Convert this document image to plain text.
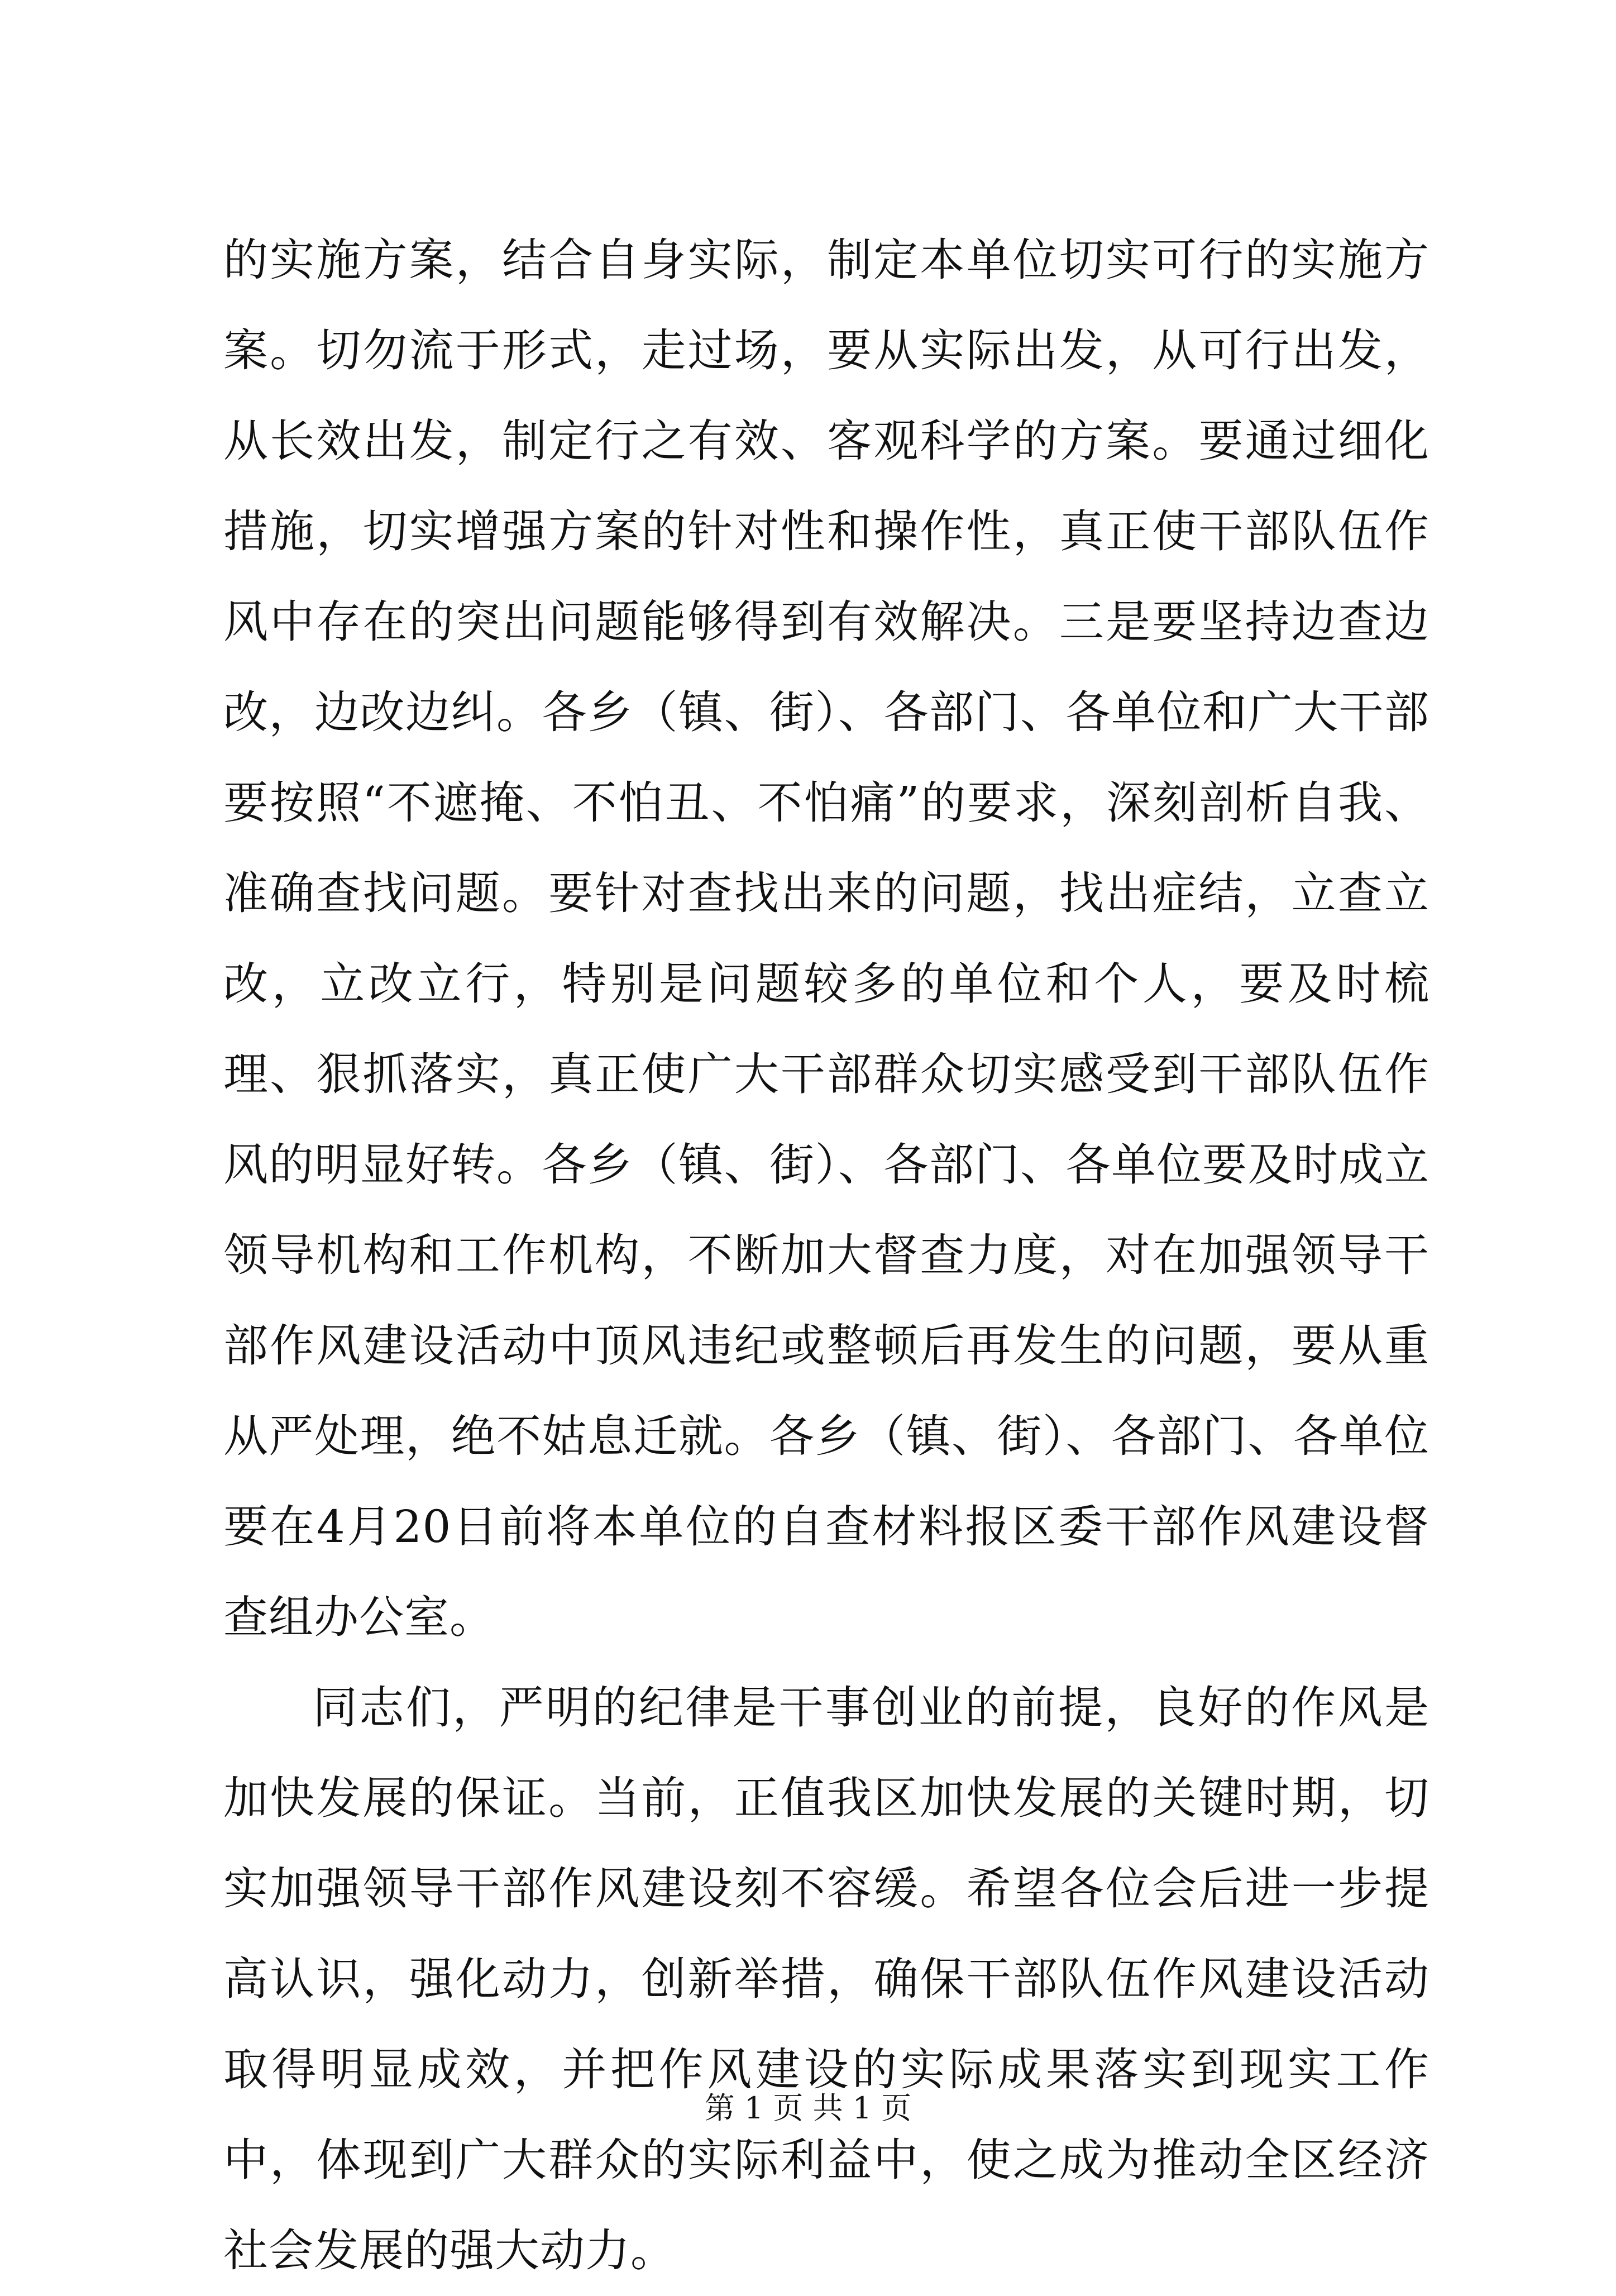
的实施方案，结合自身实际，制定本单位切实可行的实施方案。切勿流于形式，走过场，要从实际出发，从可行出发，从长效出发，制定行之有效、客观科学的方案。要通过细化措施，切实增强方案的针对性和操作性，真正使干部队伍作风中存在的突出问题能够得到有效解决。三是要坚持边查边改，边改边纠。各乡（镇、街）、各部门、各单位和广大干部要按照“不遮掩、不怕丑、不怕痛”的要求，深刻剖析自我、准确查找问题。要针对查找出来的问题，找出症结，立查立改，立改立行，特别是问题较多的单位和个人，要及时梳理、狠抓落实，真正使广大干部群众切实感受到干部队伍作风的明显好转。各乡（镇、街）、各部门、各单位要及时成立领导机构和工作机构，不断加大督查力度，对在加强领导干部作风建设活动中顶风违纪或整顿后再发生的问题，要从重从严处理，绝不姑息迁就。各乡（镇、街）、各部门、各单位要在4月20日前将本单位的自查材料报区委干部作风建设督查组办公室。

同志们，严明的纪律是干事创业的前提，良好的作风是加快发展的保证。当前，正值我区加快发展的关键时期，切实加强领导干部作风建设刻不容缓。希望各位会后进一步提高认识，强化动力，创新举措，确保干部队伍作风建设活动取得明显成效，并把作风建设的实际成果落实到现实工作中，体现到广大群众的实际利益中，使之成为推动全区经济社会发展的强大动力。

第 1 页 共 1 页
